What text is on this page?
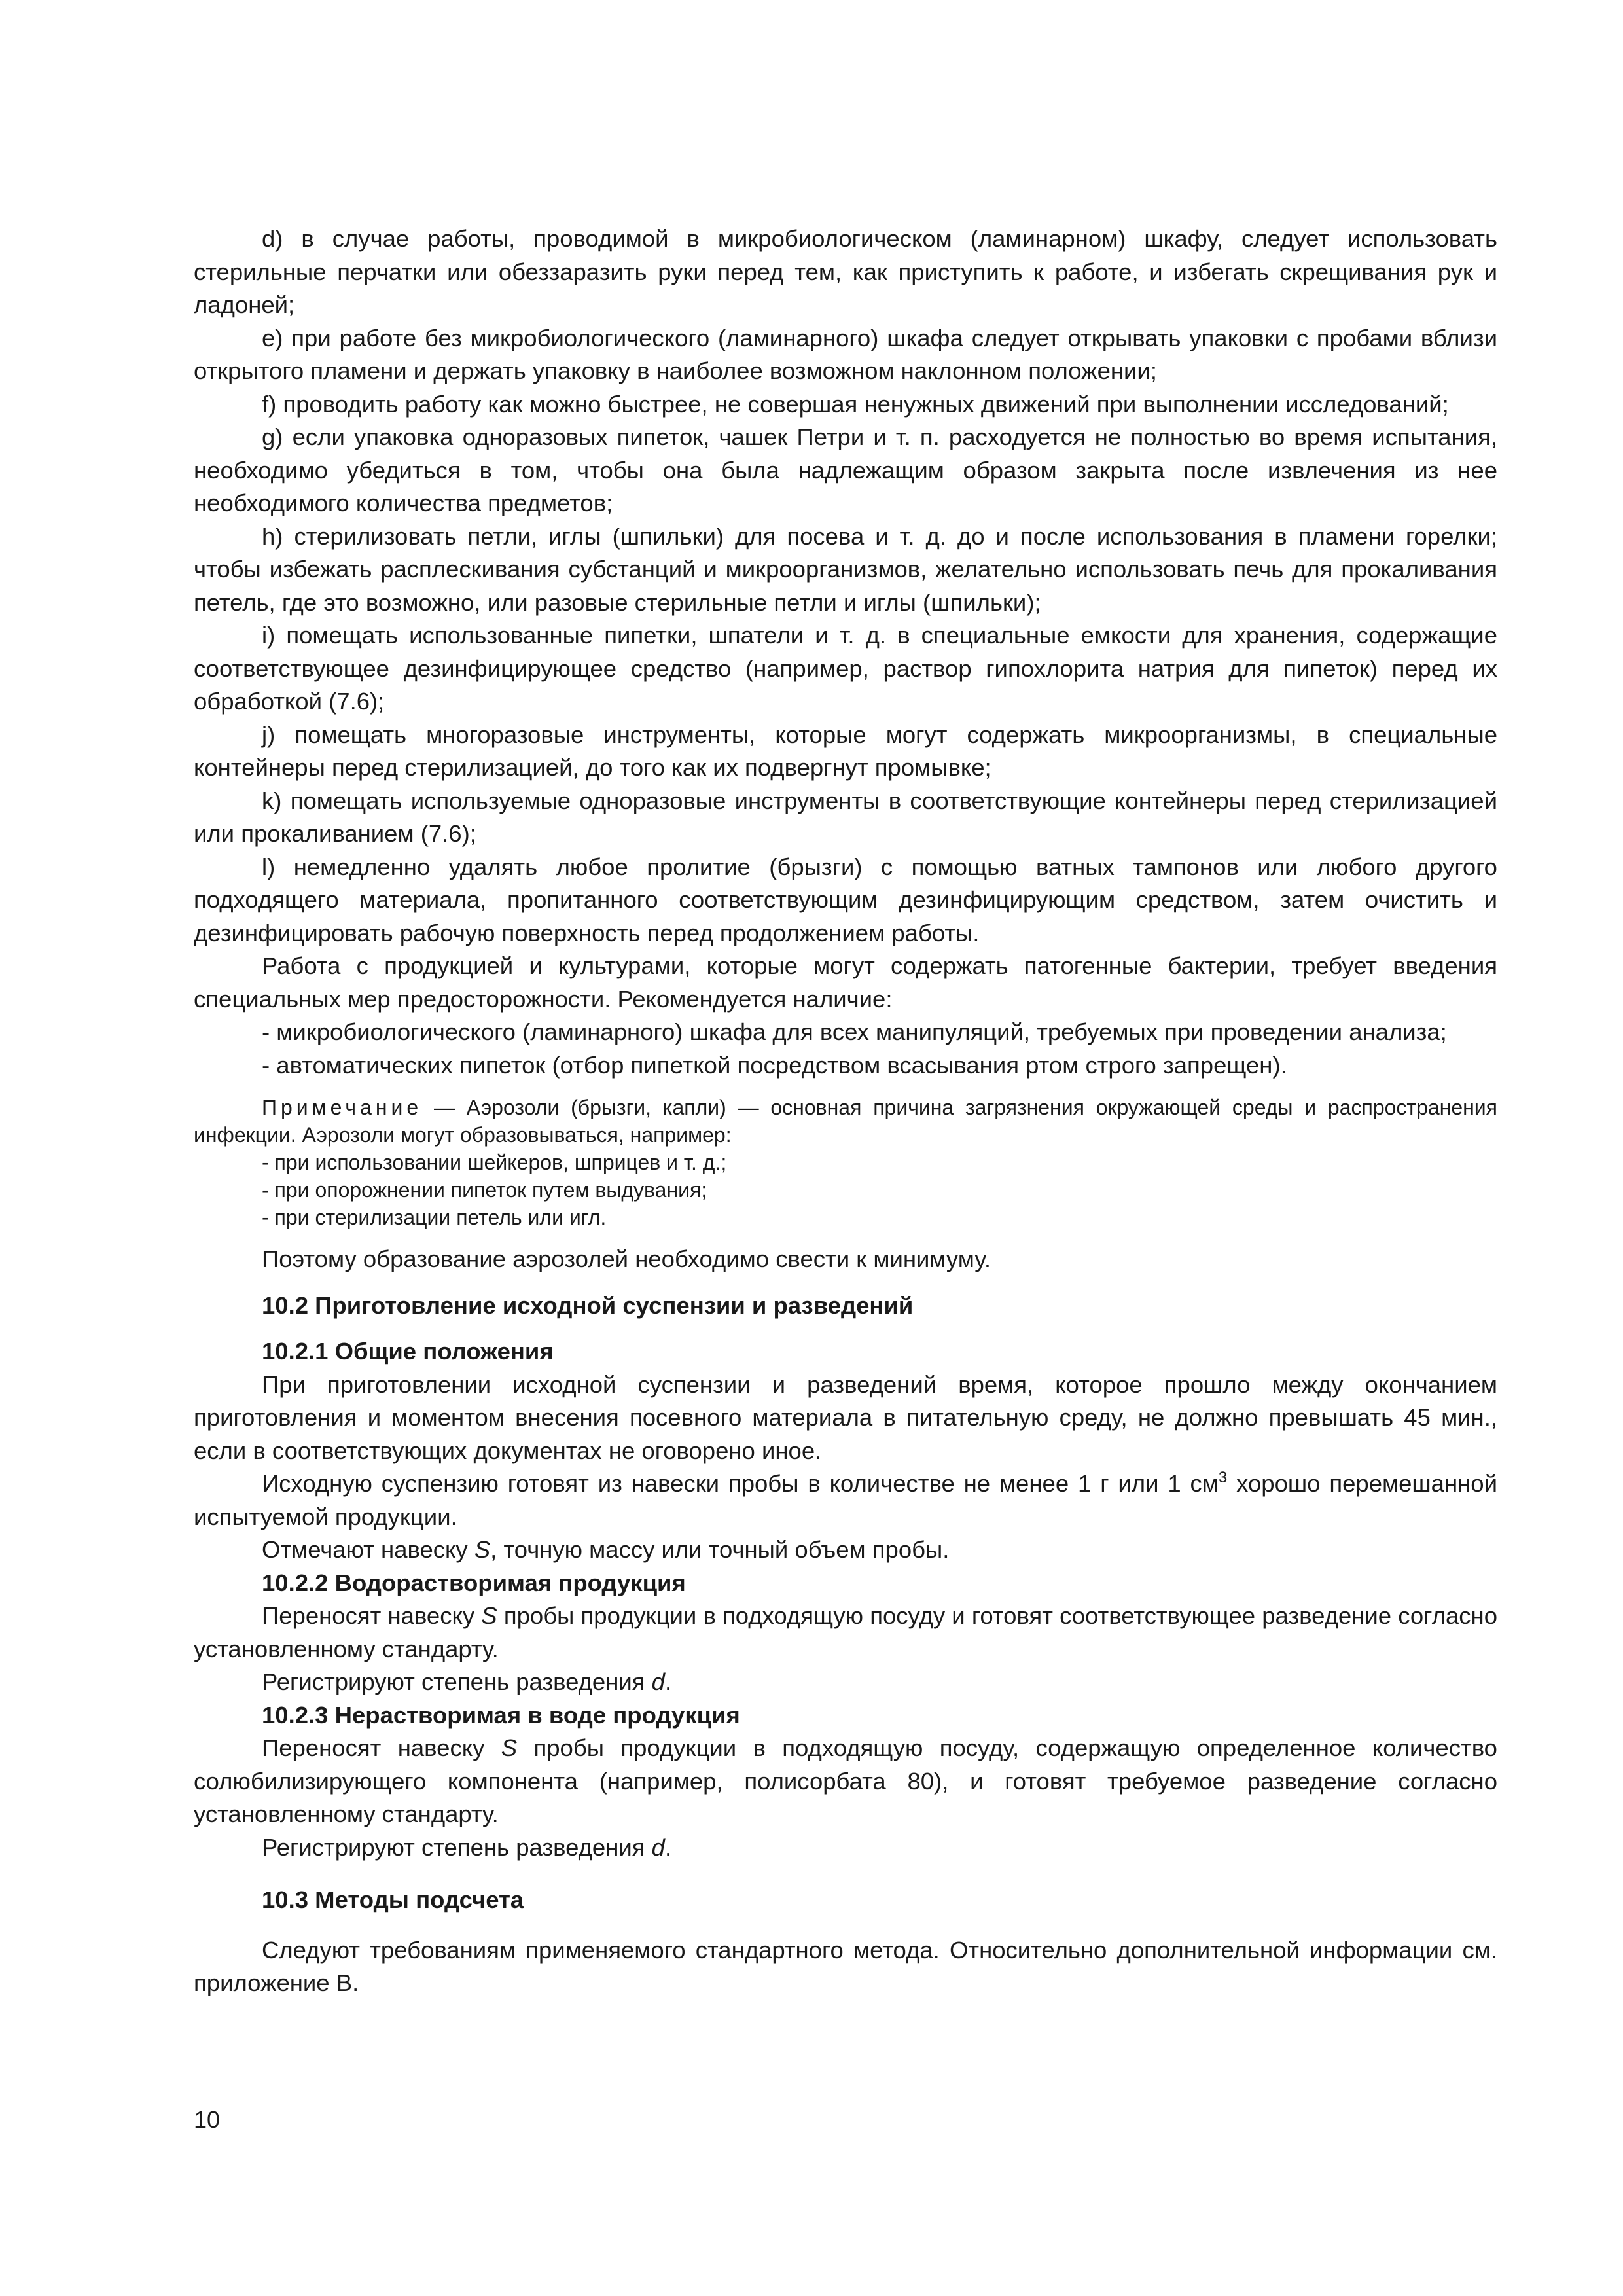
d) в случае работы, проводимой в микробиологическом (ламинарном) шкафу, следует использовать стерильные перчатки или обеззаразить руки перед тем, как приступить к работе, и избегать скрещивания рук и ладоней;

e) при работе без микробиологического (ламинарного) шкафа следует открывать упаковки с пробами вблизи открытого пламени и держать упаковку в наиболее возможном наклонном положении;

f) проводить работу как можно быстрее, не совершая ненужных движений при выполнении исследований;

g) если упаковка одноразовых пипеток, чашек Петри и т. п. расходуется не полностью во время испытания, необходимо убедиться в том, чтобы она была надлежащим образом закрыта после извлечения из нее необходимого количества предметов;

h) стерилизовать петли, иглы (шпильки) для посева и т. д. до и после использования в пламени горелки; чтобы избежать расплескивания субстанций и микроорганизмов, желательно использовать печь для прокаливания петель, где это возможно, или разовые стерильные петли и иглы (шпильки);

i) помещать использованные пипетки, шпатели и т. д. в специальные емкости для хранения, содержащие соответствующее дезинфицирующее средство (например, раствор гипохлорита натрия для пипеток) перед их обработкой (7.6);

j) помещать многоразовые инструменты, которые могут содержать микроорганизмы, в специальные контейнеры перед стерилизацией, до того как их подвергнут промывке;

k) помещать используемые одноразовые инструменты в соответствующие контейнеры перед стерилизацией или прокаливанием (7.6);

l) немедленно удалять любое пролитие (брызги) с помощью ватных тампонов или любого другого подходящего материала, пропитанного соответствующим дезинфицирующим средством, затем очистить и дезинфицировать рабочую поверхность перед продолжением работы.

Работа с продукцией и культурами, которые могут содержать патогенные бактерии, требует введения специальных мер предосторожности. Рекомендуется наличие:

- микробиологического (ламинарного) шкафа для всех манипуляций, требуемых при проведении анализа;

- автоматических пипеток (отбор пипеткой посредством всасывания ртом строго запрещен).

Примечание — Аэрозоли (брызги, капли) — основная причина загрязнения окружающей среды и распространения инфекции. Аэрозоли могут образовываться, например:

- при использовании шейкеров, шприцев и т. д.;

- при опорожнении пипеток путем выдувания;

- при стерилизации петель или игл.

Поэтому образование аэрозолей необходимо свести к минимуму.

10.2 Приготовление исходной суспензии и разведений

10.2.1 Общие положения

При приготовлении исходной суспензии и разведений время, которое прошло между окончанием приготовления и моментом внесения посевного материала в питательную среду, не должно превышать 45 мин., если в соответствующих документах не оговорено иное.

Исходную суспензию готовят из навески пробы в количестве не менее 1 г или 1 $см^3$ хорошо перемешанной испытуемой продукции.

Отмечают навеску S, точную массу или точный объем пробы.

10.2.2 Водорастворимая продукция

Переносят навеску S пробы продукции в подходящую посуду и готовят соответствующее разведение согласно установленному стандарту.

Регистрируют степень разведения d.

10.2.3 Нерастворимая в воде продукция

Переносят навеску S пробы продукции в подходящую посуду, содержащую определенное количество солюбилизирующего компонента (например, полисорбата 80), и готовят требуемое разведение согласно установленному стандарту.

Регистрируют степень разведения d.

10.3 Методы подсчета

Следуют требованиям применяемого стандартного метода. Относительно дополнительной информации см. приложение В.

10
